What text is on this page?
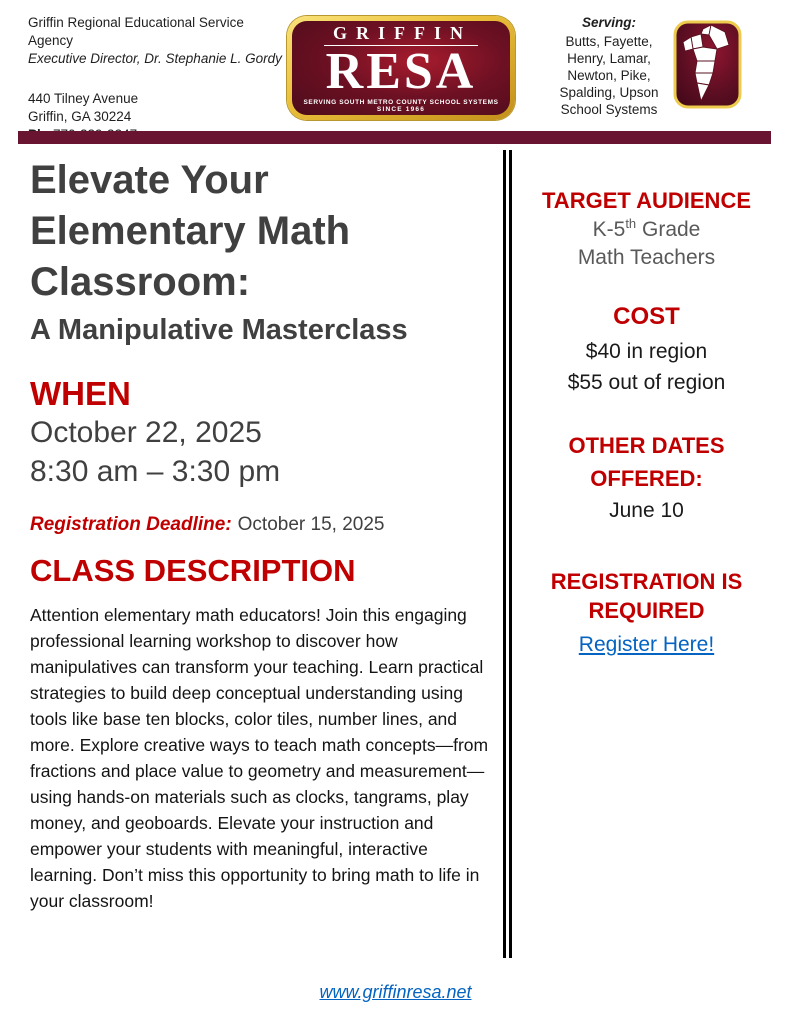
Griffin Regional Educational Service Agency
Executive Director, Dr. Stephanie L. Gordy
440 Tilney Avenue
Griffin, GA 30224
GRIFFIN
RESA
SERVING SOUTH METRO COUNTY SCHOOL SYSTEMS
SINCE 1966
Serving:
Butts, Fayette,
Henry, Lamar,
Newton, Pike,
Spalding, Upson
School Systems
Elevate Your
Elementary Math
Classroom:
A Manipulative Masterclass
WHEN
October 22, 2025
8:30 am – 3:30 pm
Registration Deadline: October 15, 2025
CLASS DESCRIPTION

Attention elementary math educators! Join this engaging professional learning workshop to discover how manipulatives can transform your teaching. Learn practical strategies to build deep conceptual understanding using tools like base ten blocks, color tiles, number lines, and more. Explore creative ways to teach math concepts—from fractions and place value to geometry and measurement—using hands-on materials such as clocks, tangrams, play money, and geoboards. Elevate your instruction and empower your students with meaningful, interactive learning. Don’t miss this opportunity to bring math to life in your classroom!

TARGET AUDIENCE
K-5th Grade
Math Teachers
COST
$40 in region
$55 out of region
OTHER DATES
OFFERED:
June 10
REGISTRATION IS
REQUIRED
Register Here!
www.griffinresa.net
